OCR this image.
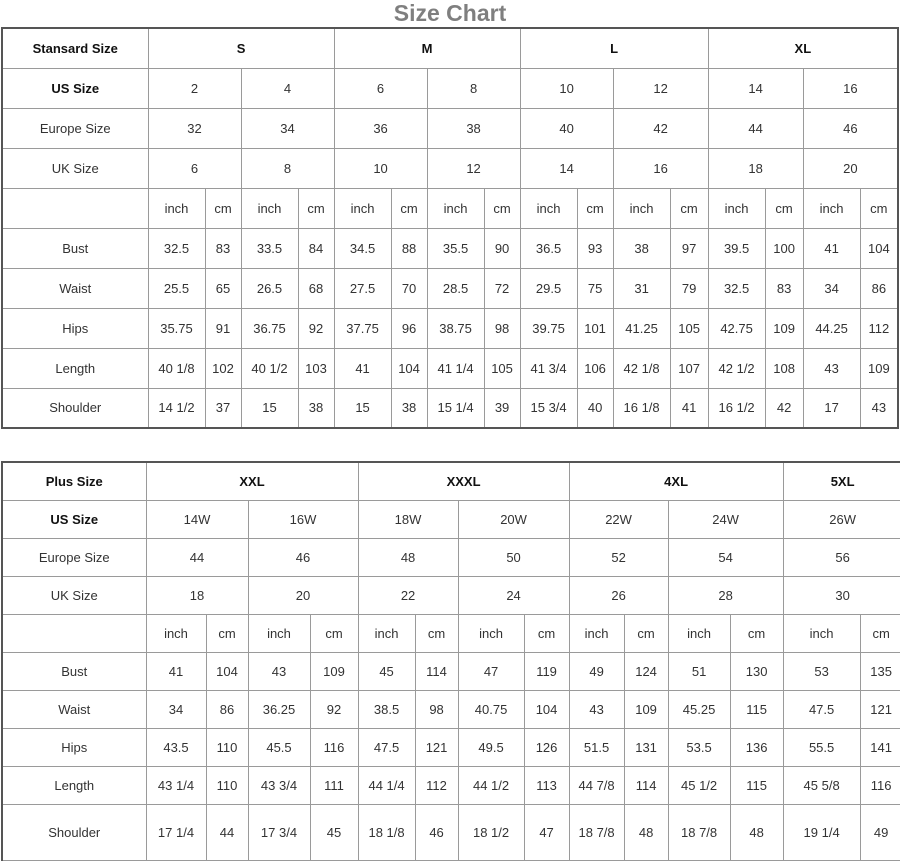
Size Chart
Stansard Size	S				M				L				XL			
US Size	2		4		6		8		10		12		14		16	
Europe Size	32		34		36		38		40		42		44		46	
UK Size	6		8		10		12		14		16		18		20	
	inch	cm	inch	cm	inch	cm	inch	cm	inch	cm	inch	cm	inch	cm	inch	cm
Bust	32.5	83	33.5	84	34.5	88	35.5	90	36.5	93	38	97	39.5	100	41	104
Waist	25.5	65	26.5	68	27.5	70	28.5	72	29.5	75	31	79	32.5	83	34	86
Hips	35.75	91	36.75	92	37.75	96	38.75	98	39.75	101	41.25	105	42.75	109	44.25	112
Length	40 1/8	102	40 1/2	103	41	104	41 1/4	105	41 3/4	106	42 1/8	107	42 1/2	108	43	109
Shoulder	14 1/2	37	15	38	15	38	15 1/4	39	15 3/4	40	16 1/8	41	16 1/2	42	17	43
Plus Size	XXL				XXXL				4XL				5XL	
US Size	14W		16W		18W		20W		22W		24W		26W	
Europe Size	44		46		48		50		52		54		56	
UK Size	18		20		22		24		26		28		30	
	inch	cm	inch	cm	inch	cm	inch	cm	inch	cm	inch	cm	inch	cm
Bust	41	104	43	109	45	114	47	119	49	124	51	130	53	135
Waist	34	86	36.25	92	38.5	98	40.75	104	43	109	45.25	115	47.5	121
Hips	43.5	110	45.5	116	47.5	121	49.5	126	51.5	131	53.5	136	55.5	141
Length	43 1/4	110	43 3/4	111	44 1/4	112	44 1/2	113	44 7/8	114	45 1/2	115	45 5/8	116
Shoulder	17 1/4	44	17 3/4	45	18 1/8	46	18 1/2	47	18 7/8	48	18 7/8	48	19 1/4	49
